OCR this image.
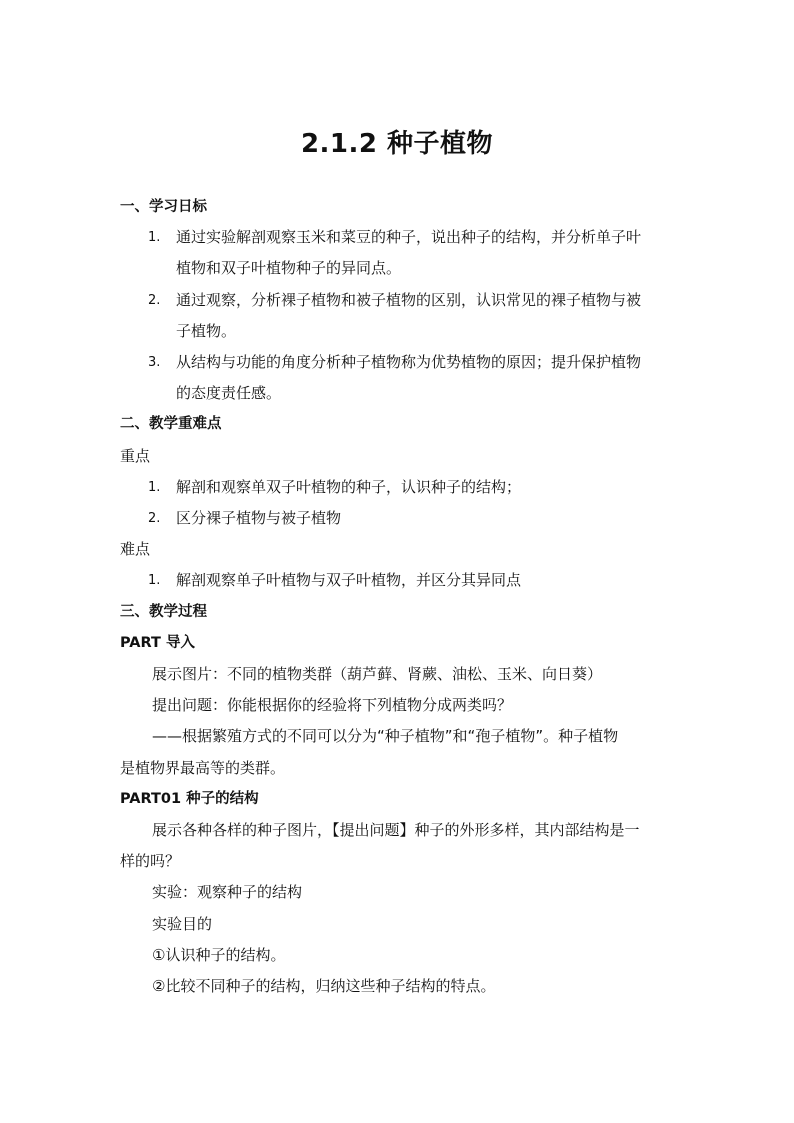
2.1.2 种子植物
一、学习日标
1. 通过实验解剖观察玉米和菜豆的种子，说出种子的结构，并分析单子叶
植物和双子叶植物种子的异同点。
2. 通过观察，分析裸子植物和被子植物的区别，认识常见的裸子植物与被
子植物。
3. 从结构与功能的角度分析种子植物称为优势植物的原因；提升保护植物
的态度责任感。
二、教学重难点
重点
1. 解剖和观察单双子叶植物的种子，认识种子的结构；
2. 区分裸子植物与被子植物
难点
1. 解剖观察单子叶植物与双子叶植物，并区分其异同点
三、教学过程
PART 导入
展示图片：不同的植物类群（葫芦藓、肾蕨、油松、玉米、向日葵）
提出问题：你能根据你的经验将下列植物分成两类吗？
——根据繁殖方式的不同可以分为“种子植物”和“孢子植物”。种子植物
是植物界最高等的类群。
PART01 种子的结构
展示各种各样的种子图片，【提出问题】种子的外形多样，其内部结构是一
样的吗？
实验：观察种子的结构
实验目的
①认识种子的结构。
②比较不同种子的结构，归纳这些种子结构的特点。
